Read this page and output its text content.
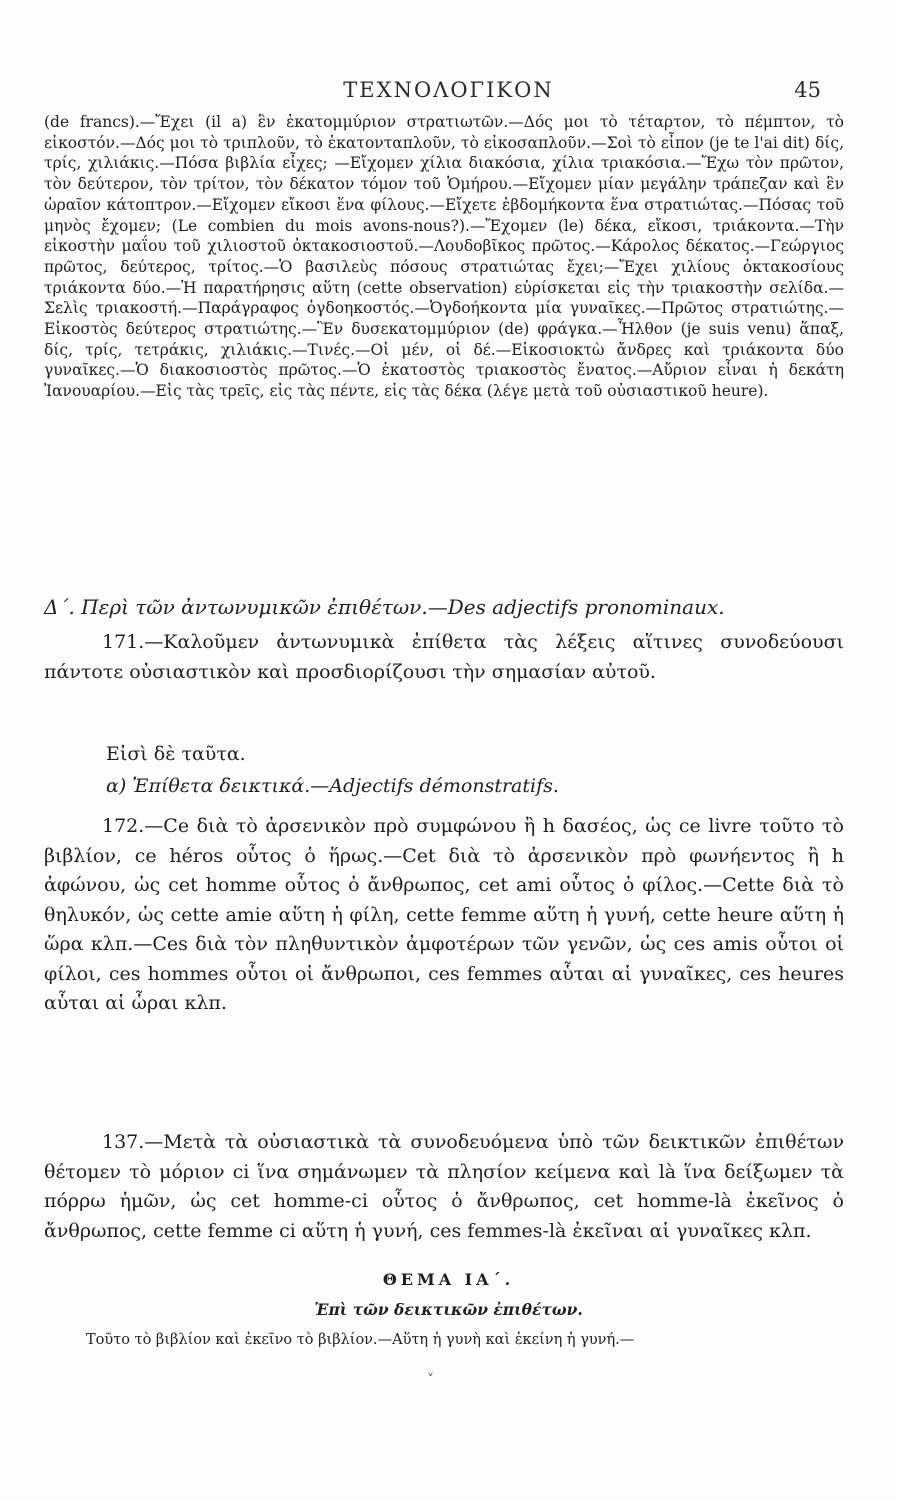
ΤΕΧΝΟΛΟΓΙΚΟΝ	45

(de francs).—Ἔχει (il a) ἓν ἑκατομμύριον στρατιωτῶν.—Δός μοι τὸ τέταρτον, τὸ πέμπτον, τὸ εἰκοστόν.—Δός μοι τὸ τριπλοῦν, τὸ ἑκατονταπλοῦν, τὸ εἰκοσαπλοῦν.—Σοὶ τὸ εἶπον (je te l'ai dit) δίς, τρίς, χιλιάκις.—Πόσα βιβλία εἶχες; —Εἴχομεν χίλια διακόσια, χίλια τριακόσια.—Ἔχω τὸν πρῶτον, τὸν δεύτερον, τὸν τρίτον, τὸν δέκατον τόμον τοῦ Ὁμήρου.—Εἴχομεν μίαν μεγάλην τράπεζαν καὶ ἓν ὡραῖον κάτοπτρον.—Εἴχομεν εἴκοσι ἕνα φίλους.—Εἴχετε ἑβδομήκοντα ἕνα στρατιώτας.—Πόσας τοῦ μηνὸς ἔχομεν; (Le combien du mois avons-nous?).—Ἔχομεν (le) δέκα, εἴκοσι, τριάκοντα.—Τὴν εἰκοστὴν μαΐου τοῦ χιλιοστοῦ ὀκτακοσιοστοῦ.—Λουδοβῖκος πρῶτος.—Κάρολος δέκατος.—Γεώργιος πρῶτος, δεύτερος, τρίτος.—Ὁ βασιλεὺς πόσους στρατιώτας ἔχει;—Ἔχει χιλίους ὀκτακοσίους τριάκοντα δύο.—Ἡ παρατήρησις αὕτη (cette observation) εὑρίσκεται εἰς τὴν τριακοστὴν σελίδα.—Σελὶς τριακοστή.—Παράγραφος ὀγδοηκοστός.—Ὀγδοήκοντα μία γυναῖκες.—Πρῶτος στρατιώτης.—Εἰκοστὸς δεύτερος στρατιώτης.—Ἓν δυσεκατομμύριον (de) φράγκα.—Ἦλθον (je suis venu) ἅπαξ, δίς, τρίς, τετράκις, χιλιάκις.—Τινές.—Οἱ μέν, οἱ δέ.—Εἰκοσιοκτὼ ἄνδρες καὶ τριάκοντα δύο γυναῖκες.—Ὁ διακοσιοστὸς πρῶτος.—Ὁ ἑκατοστὸς τριακοστὸς ἔνατος.—Αὔριον εἶναι ἡ δεκάτη Ἰανουαρίου.—Εἰς τὰς τρεῖς, εἰς τὰς πέντε, εἰς τὰς δέκα (λέγε μετὰ τοῦ οὐσιαστικοῦ heure).

Δ΄. Περὶ τῶν ἀντωνυμικῶν ἐπιθέτων.—Des adjectifs pronominaux.

171.—Καλοῦμεν ἀντωνυμικὰ ἐπίθετα τὰς λέξεις αἵτινες συνοδεύουσι πάντοτε οὐσιαστικὸν καὶ προσδιορίζουσι τὴν σημασίαν αὐτοῦ.

Εἰσὶ δὲ ταῦτα.

α) Ἐπίθετα δεικτικά.—Adjectifs démonstratifs.

172.—Ce διὰ τὸ ἀρσενικὸν πρὸ συμφώνου ἢ h δασέος, ὡς ce livre τοῦτο τὸ βιβλίον, ce héros οὗτος ὁ ἥρως.—Cet διὰ τὸ ἀρσενικὸν πρὸ φωνήεντος ἢ h ἀφώνου, ὡς cet homme οὗτος ὁ ἄνθρωπος, cet ami οὗτος ὁ φίλος.—Cette διὰ τὸ θηλυκόν, ὡς cette amie αὕτη ἡ φίλη, cette femme αὕτη ἡ γυνή, cette heure αὕτη ἡ ὥρα κλπ.—Ces διὰ τὸν πληθυντικὸν ἀμφοτέρων τῶν γενῶν, ὡς ces amis οὗτοι οἱ φίλοι, ces hommes οὗτοι οἱ ἄνθρωποι, ces femmes αὗται αἱ γυναῖκες, ces heures αὗται αἱ ὧραι κλπ.

137.—Μετὰ τὰ οὐσιαστικὰ τὰ συνοδευόμενα ὑπὸ τῶν δεικτικῶν ἐπιθέτων θέτομεν τὸ μόριον ci ἵνα σημάνωμεν τὰ πλησίον κείμενα καὶ là ἵνα δείξωμεν τὰ πόρρω ἡμῶν, ὡς cet homme-ci οὗτος ὁ ἄνθρωπος, cet homme-là ἐκεῖνος ὁ ἄνθρωπος, cette femme ci αὕτη ἡ γυνή, ces femmes-là ἐκεῖναι αἱ γυναῖκες κλπ.

ΘΕΜΑ ΙΑ΄.
Ἐπὶ τῶν δεικτικῶν ἐπιθέτων.
Τοῦτο τὸ βιβλίον καὶ ἐκεῖνο τὸ βιβλίον.—Αὕτη ἡ γυνὴ καὶ ἐκείνη ἡ γυνή.—
˅
